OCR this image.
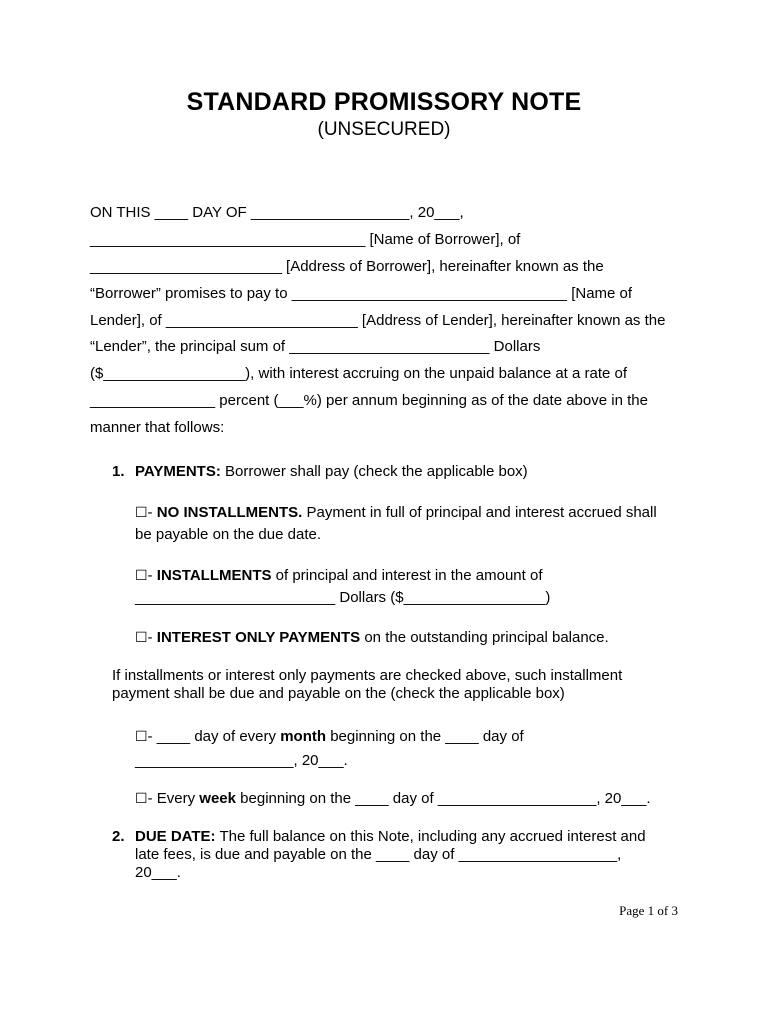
STANDARD PROMISSORY NOTE
(UNSECURED)
ON THIS ____ DAY OF ___________________, 20___,
_________________________________ [Name of Borrower], of
_______________________ [Address of Borrower], hereinafter known as the
“Borrower” promises to pay to _________________________________ [Name of
Lender], of _______________________ [Address of Lender], hereinafter known as the
“Lender”, the principal sum of ________________________ Dollars
($_________________), with interest accruing on the unpaid balance at a rate of
_______________ percent (___%) per annum beginning as of the date above in the
manner that follows:
1. PAYMENTS: Borrower shall pay (check the applicable box)
☐- NO INSTALLMENTS. Payment in full of principal and interest accrued shall
be payable on the due date.
☐- INSTALLMENTS of principal and interest in the amount of
________________________ Dollars ($_________________)
☐- INTEREST ONLY PAYMENTS on the outstanding principal balance.
If installments or interest only payments are checked above, such installment
payment shall be due and payable on the (check the applicable box)
☐- ____ day of every month beginning on the ____ day of
___________________, 20___.
☐- Every week beginning on the ____ day of ___________________, 20___.
2. DUE DATE: The full balance on this Note, including any accrued interest and
late fees, is due and payable on the ____ day of ___________________,
20___.
Page 1 of 3
